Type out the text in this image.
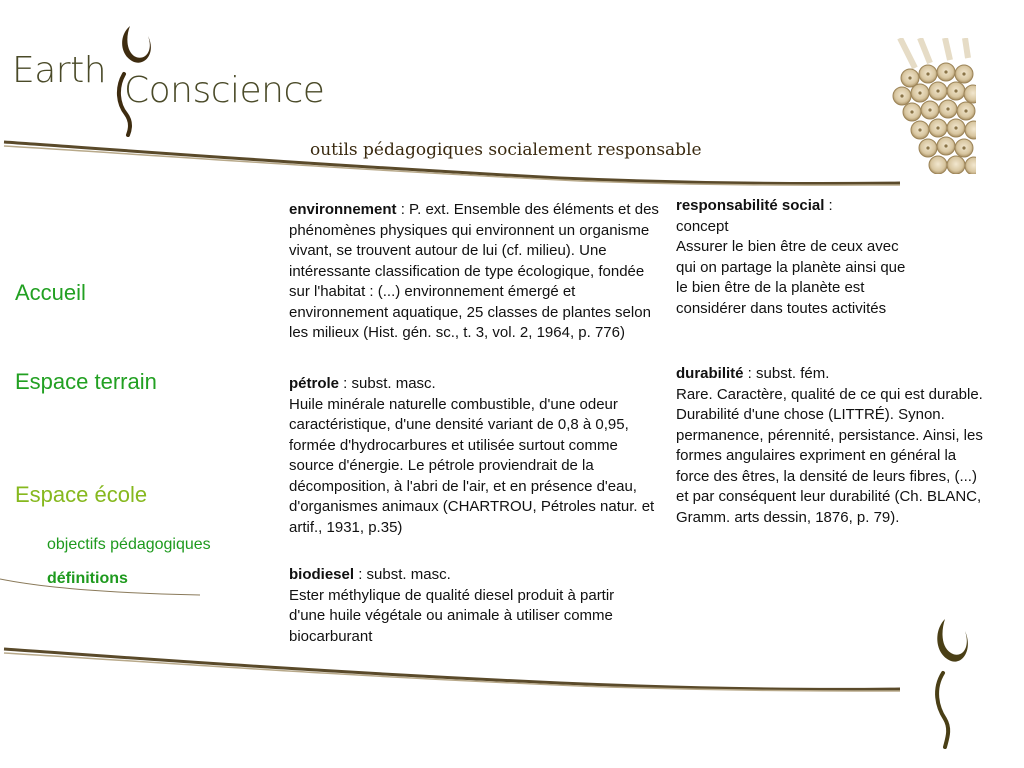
Earth Conscience
outils pédagogiques socialement responsable
Accueil
Espace terrain
Espace école
objectifs pédagogiques
définitions
environnement : P. ext. Ensemble des éléments et des phénomènes physiques qui environnent un organisme vivant, se trouvent autour de lui (cf. milieu). Une intéressante classification de type écologique, fondée sur l'habitat : (...) environnement émergé et environnement aquatique, 25 classes de plantes selon les milieux (Hist. gén. sc., t. 3, vol. 2, 1964, p. 776)
pétrole : subst. masc.
Huile minérale naturelle combustible, d'une odeur caractéristique, d'une densité variant de 0,8 à 0,95, formée d'hydrocarbures et utilisée surtout comme source d'énergie. Le pétrole proviendrait de la décomposition, à l'abri de l'air, et en présence d'eau, d'organismes animaux (CHARTROU, Pétroles natur. et artif., 1931, p.35)
biodiesel : subst. masc.
Ester méthylique de qualité diesel produit à partir d'une huile végétale ou animale à utiliser comme biocarburant
responsabilité social :
concept
Assurer le bien être de ceux avec qui on partage la planète ainsi que le bien être de la planète est considérer dans toutes activités
durabilité : subst. fém.
Rare. Caractère, qualité de ce qui est durable. Durabilité d'une chose (LITTRÉ). Synon. permanence, pérennité, persistance. Ainsi, les formes angulaires expriment en général la force des êtres, la densité de leurs fibres, (...) et par conséquent leur durabilité (Ch. BLANC, Gramm. arts dessin, 1876, p. 79).
